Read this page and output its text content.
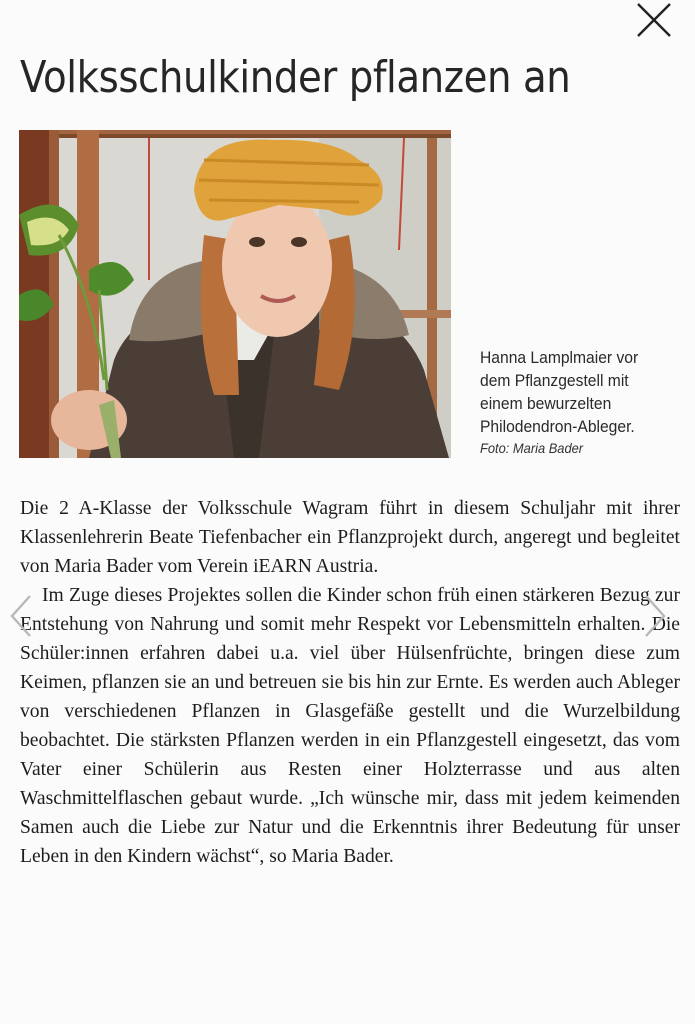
Volksschulkinder pflanzen an
Hanna Lamplmaier vor dem Pflanzgestell mit einem bewurzelten Philodendron-Ableger.
Foto: Maria Bader

Die 2 A-Klasse der Volksschule Wagram führt in diesem Schuljahr mit ihrer Klassenlehrerin Beate Tiefenbacher ein Pflanzprojekt durch, angeregt und begleitet von Maria Bader vom Verein iEARN Austria.

Im Zuge dieses Projektes sollen die Kinder schon früh einen stärkeren Bezug zur Entstehung von Nahrung und somit mehr Respekt vor Lebensmitteln erhalten. Die Schüler:innen erfahren dabei u.a. viel über Hülsenfrüchte, bringen diese zum Keimen, pflanzen sie an und betreuen sie bis hin zur Ernte. Es werden auch Ableger von verschiedenen Pflanzen in Glasgefäße gestellt und die Wurzelbildung beobachtet. Die stärksten Pflanzen werden in ein Pflanzgestell eingesetzt, das vom Vater einer Schülerin aus Resten einer Holzterrasse und aus alten Waschmittelflaschen gebaut wurde. „Ich wünsche mir, dass mit jedem keimenden Samen auch die Liebe zur Natur und die Erkenntnis ihrer Bedeutung für unser Leben in den Kindern wächst“, so Maria Bader.
